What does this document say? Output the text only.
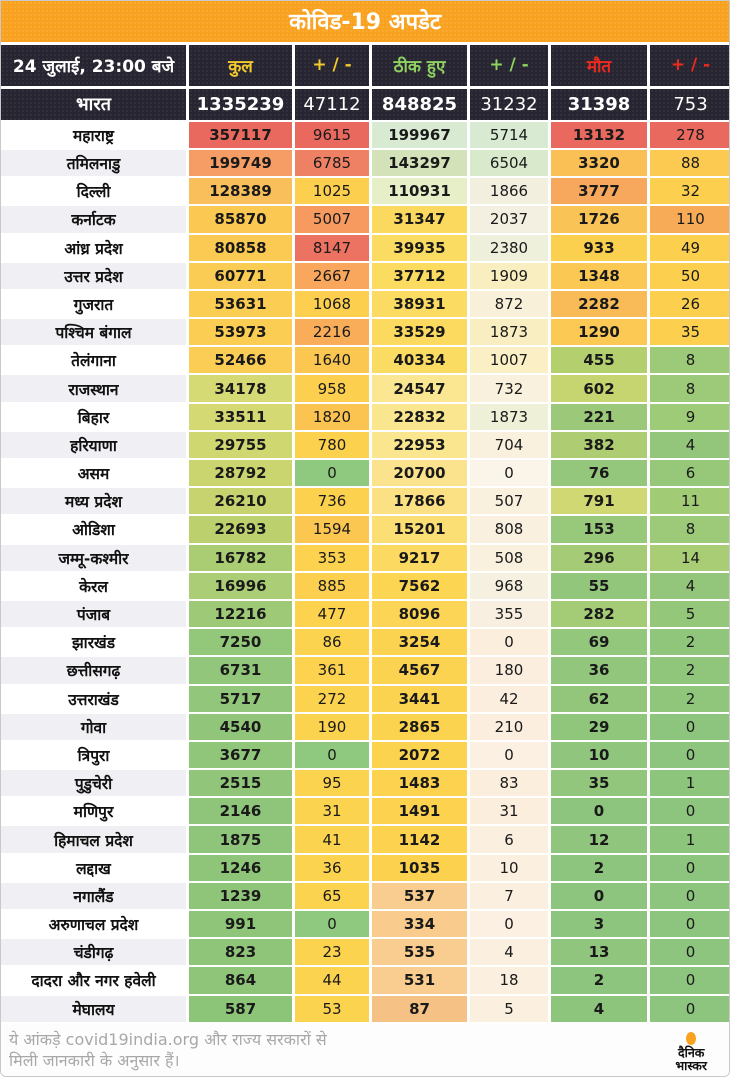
कोविड-19 अपडेट
24 जुलाई, 23:00 बजे	कुल	+ / -	ठीक हुए	+ / -	मौत	+ / -
भारत	1335239	47112	848825	31232	31398	753
महाराष्ट्र	357117	9615	199967	5714	13132	278
तमिलनाडु	199749	6785	143297	6504	3320	88
दिल्ली	128389	1025	110931	1866	3777	32
कर्नाटक	85870	5007	31347	2037	1726	110
आंध्र प्रदेश	80858	8147	39935	2380	933	49
उत्तर प्रदेश	60771	2667	37712	1909	1348	50
गुजरात	53631	1068	38931	872	2282	26
पश्चिम बंगाल	53973	2216	33529	1873	1290	35
तेलंगाना	52466	1640	40334	1007	455	8
राजस्थान	34178	958	24547	732	602	8
बिहार	33511	1820	22832	1873	221	9
हरियाणा	29755	780	22953	704	382	4
असम	28792	0	20700	0	76	6
मध्य प्रदेश	26210	736	17866	507	791	11
ओडिशा	22693	1594	15201	808	153	8
जम्मू-कश्मीर	16782	353	9217	508	296	14
केरल	16996	885	7562	968	55	4
पंजाब	12216	477	8096	355	282	5
झारखंड	7250	86	3254	0	69	2
छत्तीसगढ़	6731	361	4567	180	36	2
उत्तराखंड	5717	272	3441	42	62	2
गोवा	4540	190	2865	210	29	0
त्रिपुरा	3677	0	2072	0	10	0
पुडुचेरी	2515	95	1483	83	35	1
मणिपुर	2146	31	1491	31	0	0
हिमाचल प्रदेश	1875	41	1142	6	12	1
लद्दाख	1246	36	1035	10	2	0
नगालैंड	1239	65	537	7	0	0
अरुणाचल प्रदेश	991	0	334	0	3	0
चंडीगढ़	823	23	535	4	13	0
दादरा और नगर हवेली	864	44	531	18	2	0
मेघालय	587	53	87	5	4	0
ये आंकड़े covid19india.org और राज्य सरकारों से
मिली जानकारी के अनुसार हैं।	दैनिक
भास्कर
